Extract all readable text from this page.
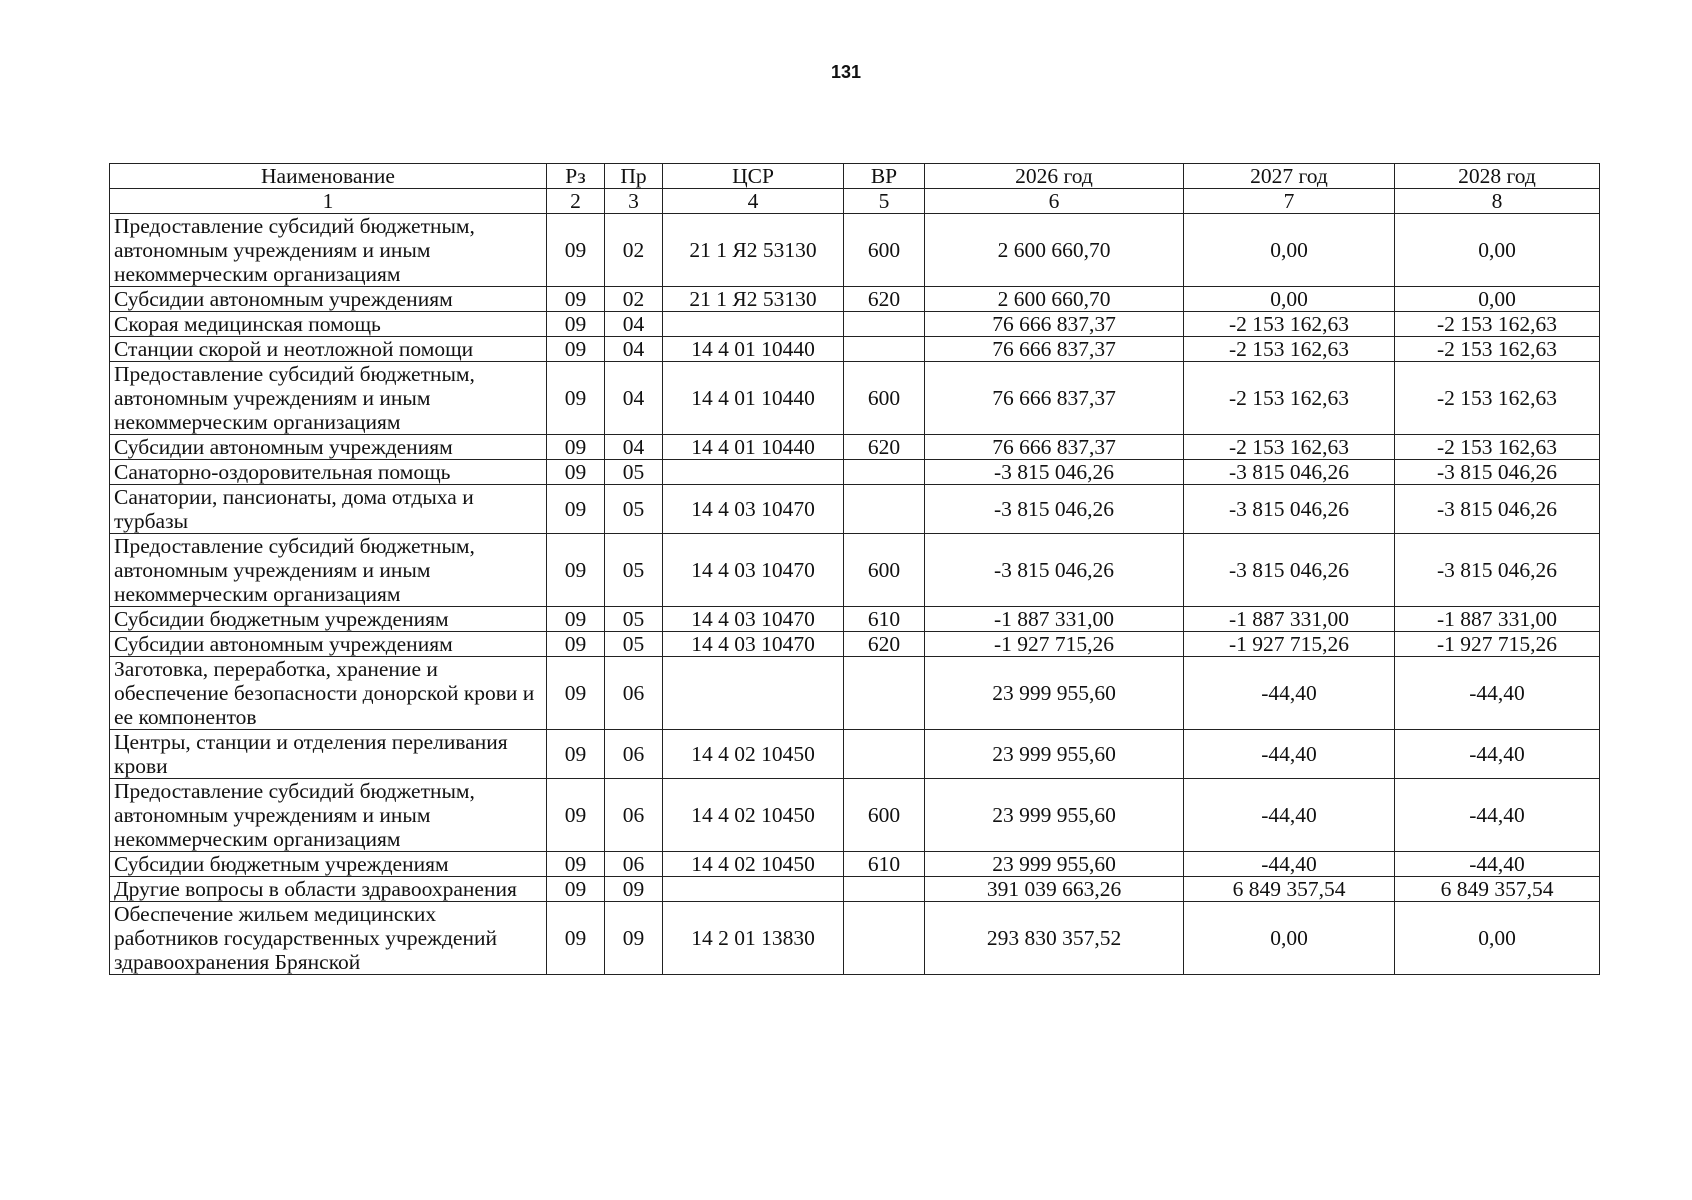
131
Наименование	Рз	Пр	ЦСР	ВР	2026 год	2027 год	2028 год
1	2	3	4	5	6	7	8
Предоставление субсидий бюджетным, автономным учреждениям и иным некоммерческим организациям	09	02	21 1 Я2 53130	600	2 600 660,70	0,00	0,00
Субсидии автономным учреждениям	09	02	21 1 Я2 53130	620	2 600 660,70	0,00	0,00
Скорая медицинская помощь	09	04			76 666 837,37	-2 153 162,63	-2 153 162,63
Станции скорой и неотложной помощи	09	04	14 4 01 10440		76 666 837,37	-2 153 162,63	-2 153 162,63
Предоставление субсидий бюджетным, автономным учреждениям и иным некоммерческим организациям	09	04	14 4 01 10440	600	76 666 837,37	-2 153 162,63	-2 153 162,63
Субсидии автономным учреждениям	09	04	14 4 01 10440	620	76 666 837,37	-2 153 162,63	-2 153 162,63
Санаторно-оздоровительная помощь	09	05			-3 815 046,26	-3 815 046,26	-3 815 046,26
Санатории, пансионаты, дома отдыха и турбазы	09	05	14 4 03 10470		-3 815 046,26	-3 815 046,26	-3 815 046,26
Предоставление субсидий бюджетным, автономным учреждениям и иным некоммерческим организациям	09	05	14 4 03 10470	600	-3 815 046,26	-3 815 046,26	-3 815 046,26
Субсидии бюджетным учреждениям	09	05	14 4 03 10470	610	-1 887 331,00	-1 887 331,00	-1 887 331,00
Субсидии автономным учреждениям	09	05	14 4 03 10470	620	-1 927 715,26	-1 927 715,26	-1 927 715,26
Заготовка, переработка, хранение и обеспечение безопасности донорской крови и ее компонентов	09	06			23 999 955,60	-44,40	-44,40
Центры, станции и отделения переливания крови	09	06	14 4 02 10450		23 999 955,60	-44,40	-44,40
Предоставление субсидий бюджетным, автономным учреждениям и иным некоммерческим организациям	09	06	14 4 02 10450	600	23 999 955,60	-44,40	-44,40
Субсидии бюджетным учреждениям	09	06	14 4 02 10450	610	23 999 955,60	-44,40	-44,40
Другие вопросы в области здравоохранения	09	09			391 039 663,26	6 849 357,54	6 849 357,54
Обеспечение жильем медицинских работников государственных учреждений здравоохранения Брянской	09	09	14 2 01 13830		293 830 357,52	0,00	0,00
